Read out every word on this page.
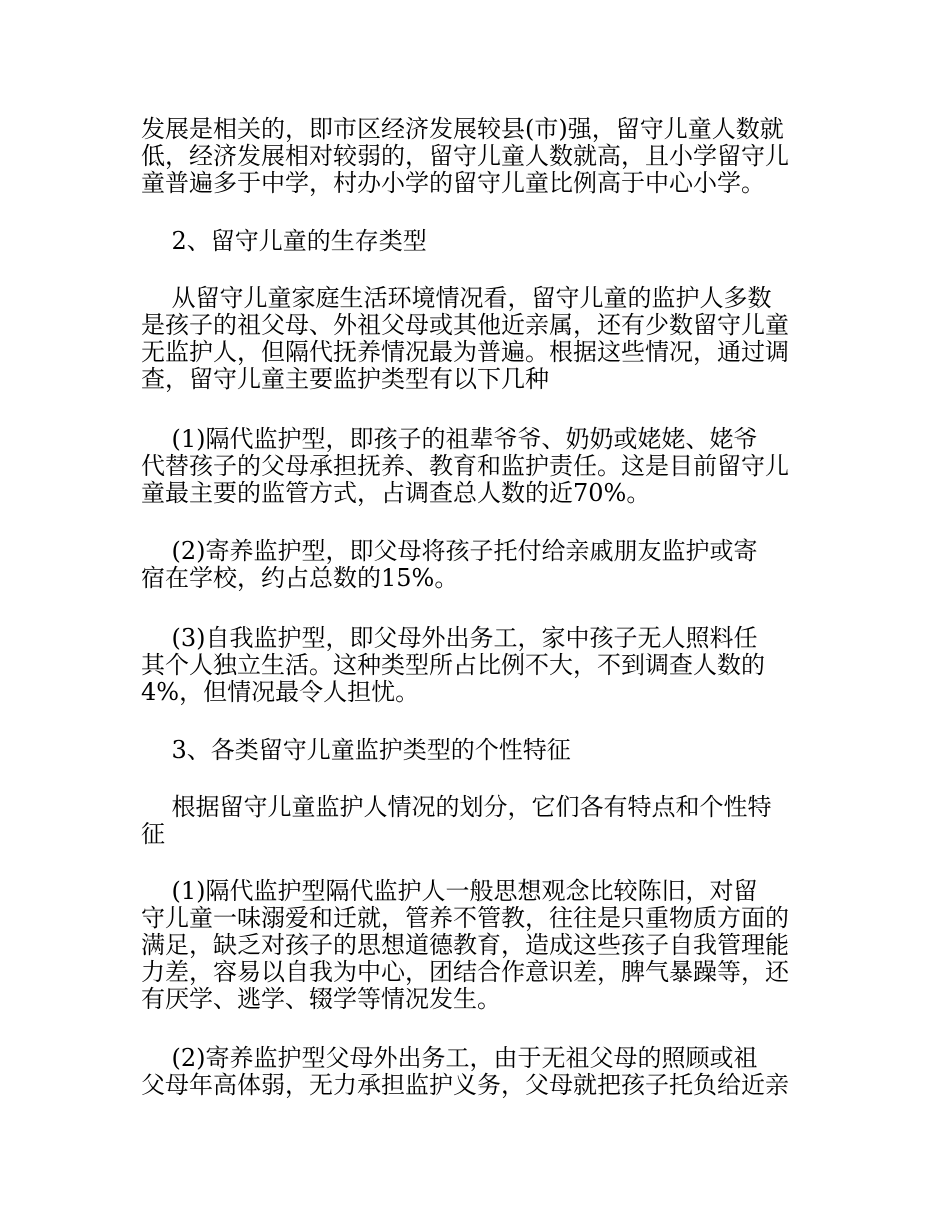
发展是相关的，即市区经济发展较县(市)强，留守儿童人数就
低，经济发展相对较弱的，留守儿童人数就高，且小学留守儿
童普遍多于中学，村办小学的留守儿童比例高于中心小学。

2、留守儿童的生存类型

从留守儿童家庭生活环境情况看，留守儿童的监护人多数
是孩子的祖父母、外祖父母或其他近亲属，还有少数留守儿童
无监护人，但隔代抚养情况最为普遍。根据这些情况，通过调
查，留守儿童主要监护类型有以下几种

(1)隔代监护型，即孩子的祖辈爷爷、奶奶或姥姥、姥爷
代替孩子的父母承担抚养、教育和监护责任。这是目前留守儿
童最主要的监管方式，占调查总人数的近70%。

(2)寄养监护型，即父母将孩子托付给亲戚朋友监护或寄
宿在学校，约占总数的15%。

(3)自我监护型，即父母外出务工，家中孩子无人照料任
其个人独立生活。这种类型所占比例不大，不到调查人数的
4%，但情况最令人担忧。

3、各类留守儿童监护类型的个性特征

根据留守儿童监护人情况的划分，它们各有特点和个性特
征

(1)隔代监护型隔代监护人一般思想观念比较陈旧，对留
守儿童一味溺爱和迁就，管养不管教，往往是只重物质方面的
满足，缺乏对孩子的思想道德教育，造成这些孩子自我管理能
力差，容易以自我为中心，团结合作意识差，脾气暴躁等，还
有厌学、逃学、辍学等情况发生。

(2)寄养监护型父母外出务工，由于无祖父母的照顾或祖
父母年高体弱，无力承担监护义务，父母就把孩子托负给近亲
